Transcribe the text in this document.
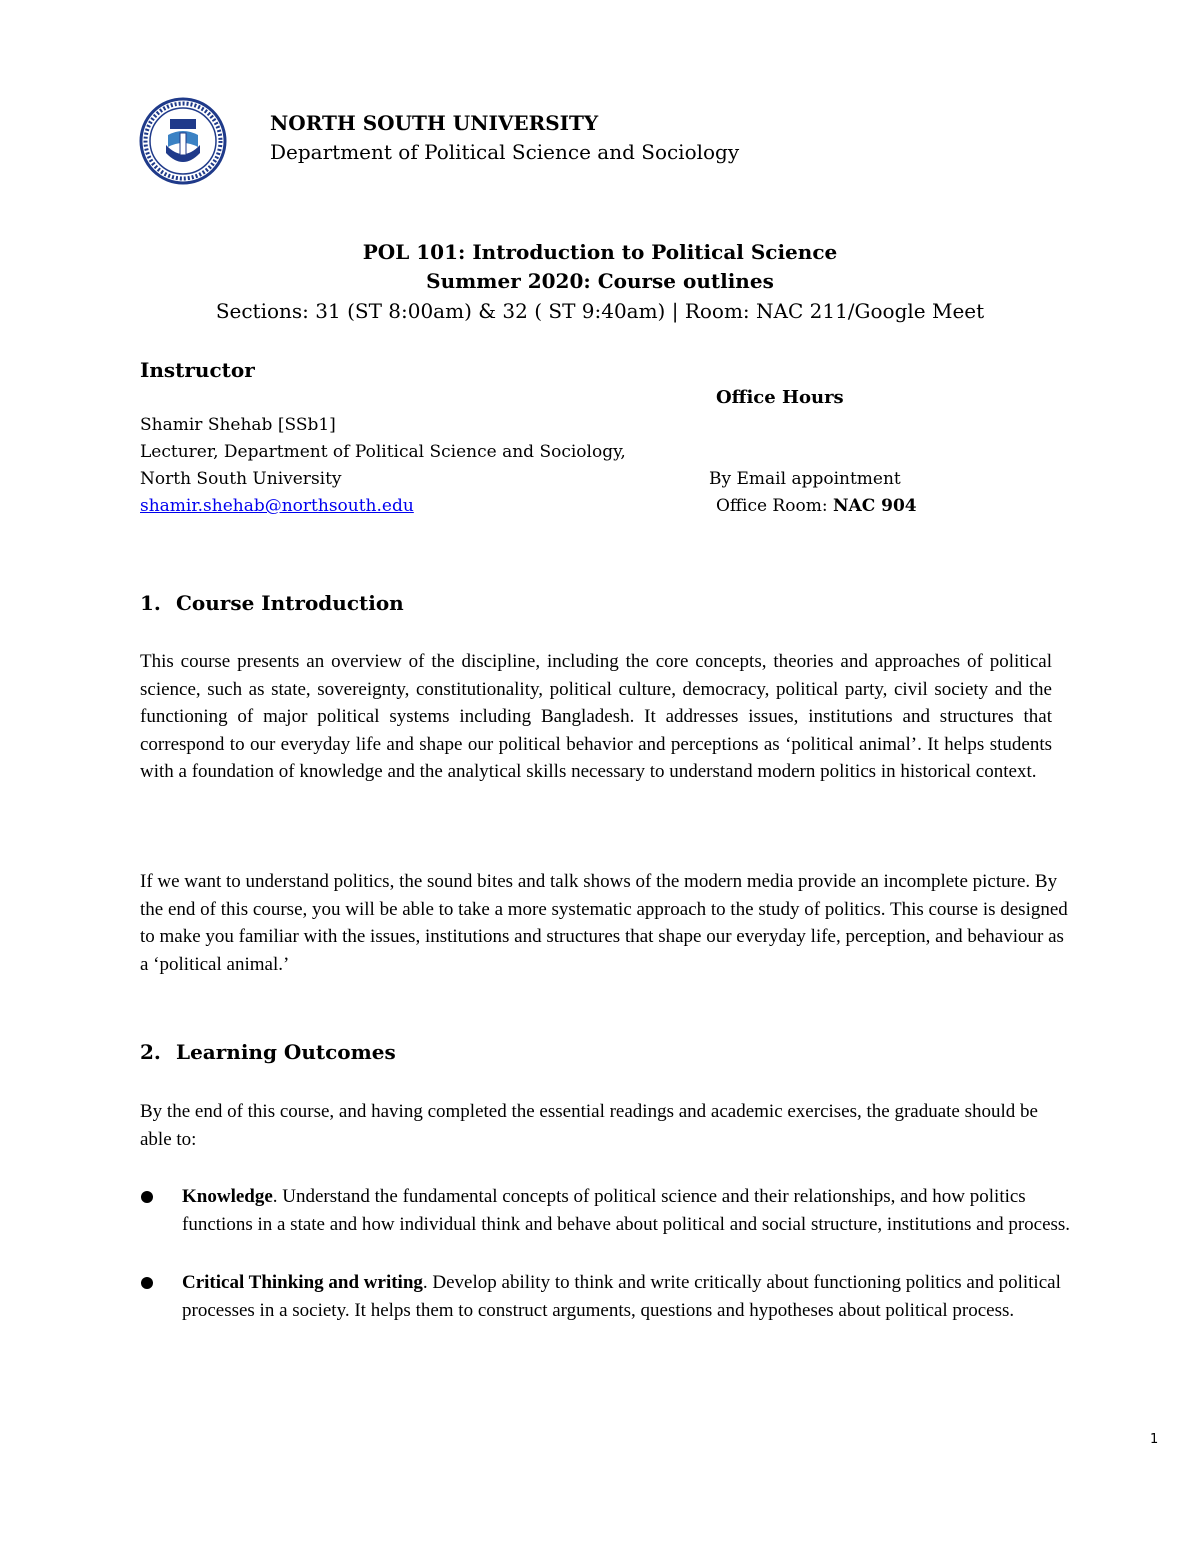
NORTH SOUTH UNIVERSITY
Department of Political Science and Sociology
POL 101: Introduction to Political Science
Summer 2020: Course outlines
Sections: 31 (ST 8:00am) & 32 ( ST 9:40am) | Room: NAC 211/Google Meet
Instructor
Office Hours
Shamir Shehab [SSb1]
Lecturer, Department of Political Science and Sociology,
North South University
shamir.shehab@northsouth.edu
By Email appointment
Office Room: NAC 904
1. Course Introduction
This course presents an overview of the discipline, including the core concepts, theories and approaches of political science, such as state, sovereignty, constitutionality, political culture, democracy, political party, civil society and the functioning of major political systems including Bangladesh. It addresses issues, institutions and structures that correspond to our everyday life and shape our political behavior and perceptions as ‘political animal’. It helps students with a foundation of knowledge and the analytical skills necessary to understand modern politics in historical context.
If we want to understand politics, the sound bites and talk shows of the modern media provide an incomplete picture. By the end of this course, you will be able to take a more systematic approach to the study of politics. This course is designed to make you familiar with the issues, institutions and structures that shape our everyday life, perception, and behaviour as a ‘political animal.’
2. Learning Outcomes
By the end of this course, and having completed the essential readings and academic exercises, the graduate should be able to:
Knowledge. Understand the fundamental concepts of political science and their relationships, and how politics functions in a state and how individual think and behave about political and social structure, institutions and process.
Critical Thinking and writing. Develop ability to think and write critically about functioning politics and political processes in a society. It helps them to construct arguments, questions and hypotheses about political process.
1
